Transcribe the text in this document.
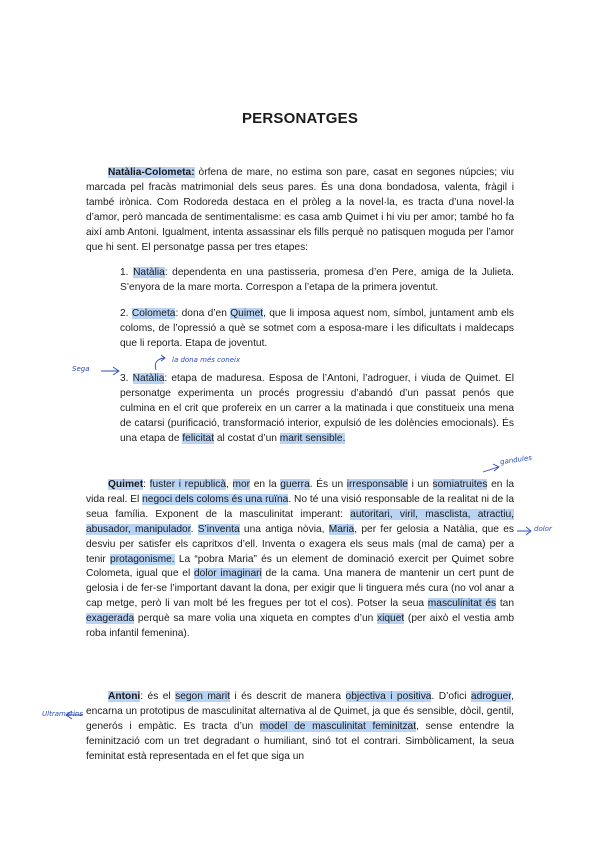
PERSONATGES

Natàlia-Colometa: òrfena de mare, no estima son pare, casat en segones núpcies; viu marcada pel fracàs matrimonial dels seus pares. És una dona bondadosa, valenta, fràgil i també irònica. Com Rodoreda destaca en el pròleg a la novel·la, es tracta d’una novel·la d’amor, però mancada de sentimentalisme: es casa amb Quimet i hi viu per amor; també ho fa així amb Antoni. Igualment, intenta assassinar els fills perquè no patisquen moguda per l’amor que hi sent. El personatge passa per tres etapes:

1. Natàlia: dependenta en una pastisseria, promesa d’en Pere, amiga de la Julieta. S’enyora de la mare morta. Correspon a l’etapa de la primera joventut.

2. Colometa: dona d’en Quimet, que li imposa aquest nom, símbol, juntament amb els coloms, de l’opressió a què se sotmet com a esposa-mare i les dificultats i maldecaps que li reporta. Etapa de joventut.

3. Natàlia: etapa de maduresa. Esposa de l’Antoni, l’adroguer, i viuda de Quimet. El personatge experimenta un procés progressiu d’abandó d’un passat penós que culmina en el crit que profereix en un carrer a la matinada i que constitueix una mena de catarsi (purificació, transformació interior, expulsió de les dolències emocionals). És una etapa de felicitat al costat d’un marit sensible.

Quimet: fuster i republicà, mor en la guerra. És un irresponsable i un somiatruites en la vida real. El negoci dels coloms és una ruïna. No té una visió responsable de la realitat ni de la seua família. Exponent de la masculinitat imperant: autoritari, viril, masclista, atractiu, abusador, manipulador. S’inventa una antiga nòvia, Maria, per fer gelosia a Natàlia, que es desviu per satisfer els capritxos d’ell. Inventa o exagera els seus mals (mal de cama) per a tenir protagonisme. La “pobra Maria” és un element de dominació exercit per Quimet sobre Colometa, igual que el dolor imaginari de la cama. Una manera de mantenir un cert punt de gelosia i de fer-se l’important davant la dona, per exigir que li tinguera més cura (no vol anar a cap metge, però li van molt bé les fregues per tot el cos). Potser la seua masculinitat és tan exagerada perquè sa mare volia una xiqueta en comptes d’un xiquet (per això el vestia amb roba infantil femenina).

Antoni: és el segon marit i és descrit de manera objectiva i positiva. D’ofici adroguer, encarna un prototipus de masculinitat alternativa al de Quimet, ja que és sensible, dòcil, gentil, generós i empàtic. Es tracta d’un model de masculinitat feminitzat, sense entendre la feminització com un tret degradant o humiliant, sinó tot el contrari. Simbòlicament, la seua feminitat està representada en el fet que siga un

Sega
la dona més coneix
gandules
dolor
Ultramarins
